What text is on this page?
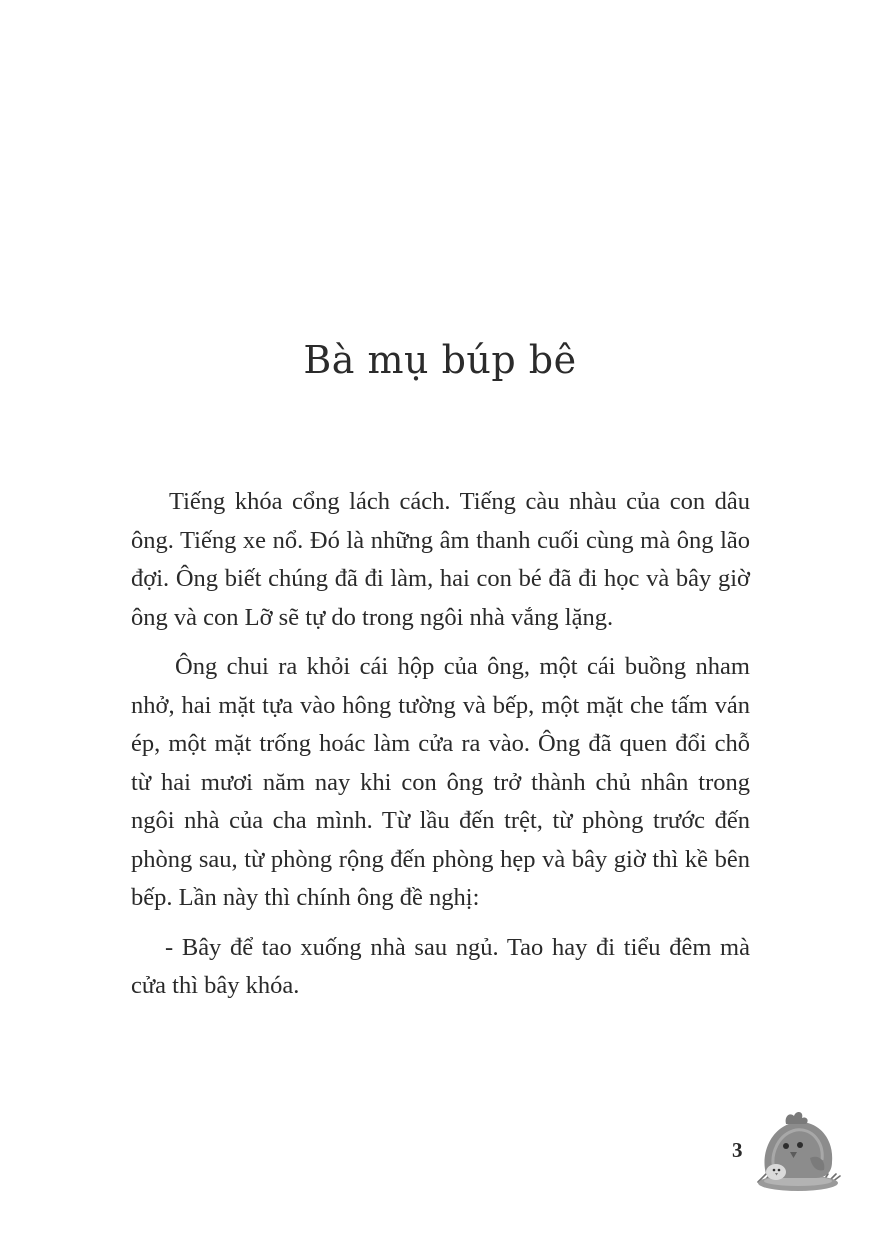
Bà mụ búp bê

Tiếng khóa cổng lách cách. Tiếng càu nhàu của con dâu ông. Tiếng xe nổ. Đó là những âm thanh cuối cùng mà ông lão đợi. Ông biết chúng đã đi làm, hai con bé đã đi học và bây giờ ông và con Lỡ sẽ tự do trong ngôi nhà vắng lặng.

Ông chui ra khỏi cái hộp của ông, một cái buồng nham nhở, hai mặt tựa vào hông tường và bếp, một mặt che tấm ván ép, một mặt trống hoác làm cửa ra vào. Ông đã quen đổi chỗ từ hai mươi năm nay khi con ông trở thành chủ nhân trong ngôi nhà của cha mình. Từ lầu đến trệt, từ phòng trước đến phòng sau, từ phòng rộng đến phòng hẹp và bây giờ thì kề bên bếp. Lần này thì chính ông đề nghị:

- Bây để tao xuống nhà sau ngủ. Tao hay đi tiểu đêm mà cửa thì bây khóa.

3
